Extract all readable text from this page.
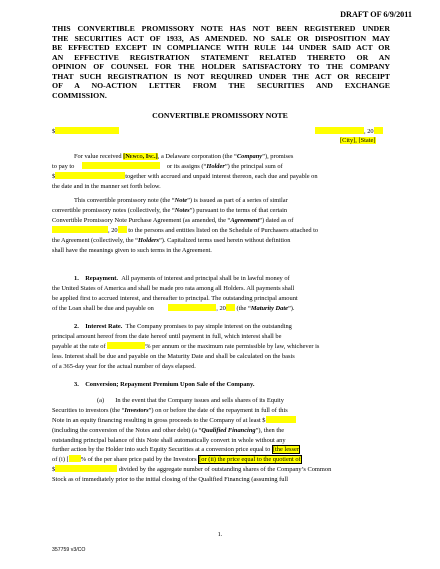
DRAFT OF 6/9/2011
THIS CONVERTIBLE PROMISSORY NOTE HAS NOT BEEN REGISTERED UNDER
THE SECURITIES ACT OF 1933, AS AMENDED. NO SALE OR DISPOSITION MAY
BE EFFECTED EXCEPT IN COMPLIANCE WITH RULE 144 UNDER SAID ACT OR
AN EFFECTIVE REGISTRATION STATEMENT RELATED THERETO OR AN
OPINION OF COUNSEL FOR THE HOLDER SATISFACTORY TO THE COMPANY
THAT SUCH REGISTRATION IS NOT REQUIRED UNDER THE ACT OR RECEIPT
OF A NO-ACTION LETTER FROM THE SECURITIES AND EXCHANGE
COMMISSION.
CONVERTIBLE PROMISSORY NOTE
$	, 20
[City], [State]
For value received [Newco, Inc.], a Delaware corporation (the “Company”), promises
to pay to	or its assigns (“Holder”) the principal sum of
$	together with accrued and unpaid interest thereon, each due and payable on
the date and in the manner set forth below.
This convertible promissory note (the “Note”) is issued as part of a series of similar
convertible promissory notes (collectively, the “Notes”) pursuant to the terms of that certain
Convertible Promissory Note Purchase Agreement (as amended, the “Agreement”) dated as of
, 20 to the persons and entities listed on the Schedule of Purchasers attached to
the Agreement (collectively, the “Holders”). Capitalized terms used herein without definition
shall have the meanings given to such terms in the Agreement.
1. Repayment. All payments of interest and principal shall be in lawful money of
the United States of America and shall be made pro rata among all Holders. All payments shall
be applied first to accrued interest, and thereafter to principal. The outstanding principal amount
of the Loan shall be due and payable on	, 20 (the “Maturity Date”).
2. Interest Rate. The Company promises to pay simple interest on the outstanding
principal amount hereof from the date hereof until payment in full, which interest shall be
payable at the rate of	% per annum or the maximum rate permissible by law, whichever is
less. Interest shall be due and payable on the Maturity Date and shall be calculated on the basis
of a 365-day year for the actual number of days elapsed.
3. Conversion; Repayment Premium Upon Sale of the Company.
(a) In the event that the Company issues and sells shares of its Equity
Securities to investors (the “Investors”) on or before the date of the repayment in full of this
Note in an equity financing resulting in gross proceeds to the Company of at least $
(including the conversion of the Notes and other debt) (a “Qualified Financing”), then the
outstanding principal balance of this Note shall automatically convert in whole without any
further action by the Holder into such Equity Securities at a conversion price equal to [the lesser
of (i) [ % of the per share price paid by the Investors [or (ii) the price equal to the quotient of
$	divided by the aggregate number of outstanding shares of the Company’s Common
Stock as of immediately prior to the initial closing of the Qualified Financing (assuming full
1.
357759 v3/CO
